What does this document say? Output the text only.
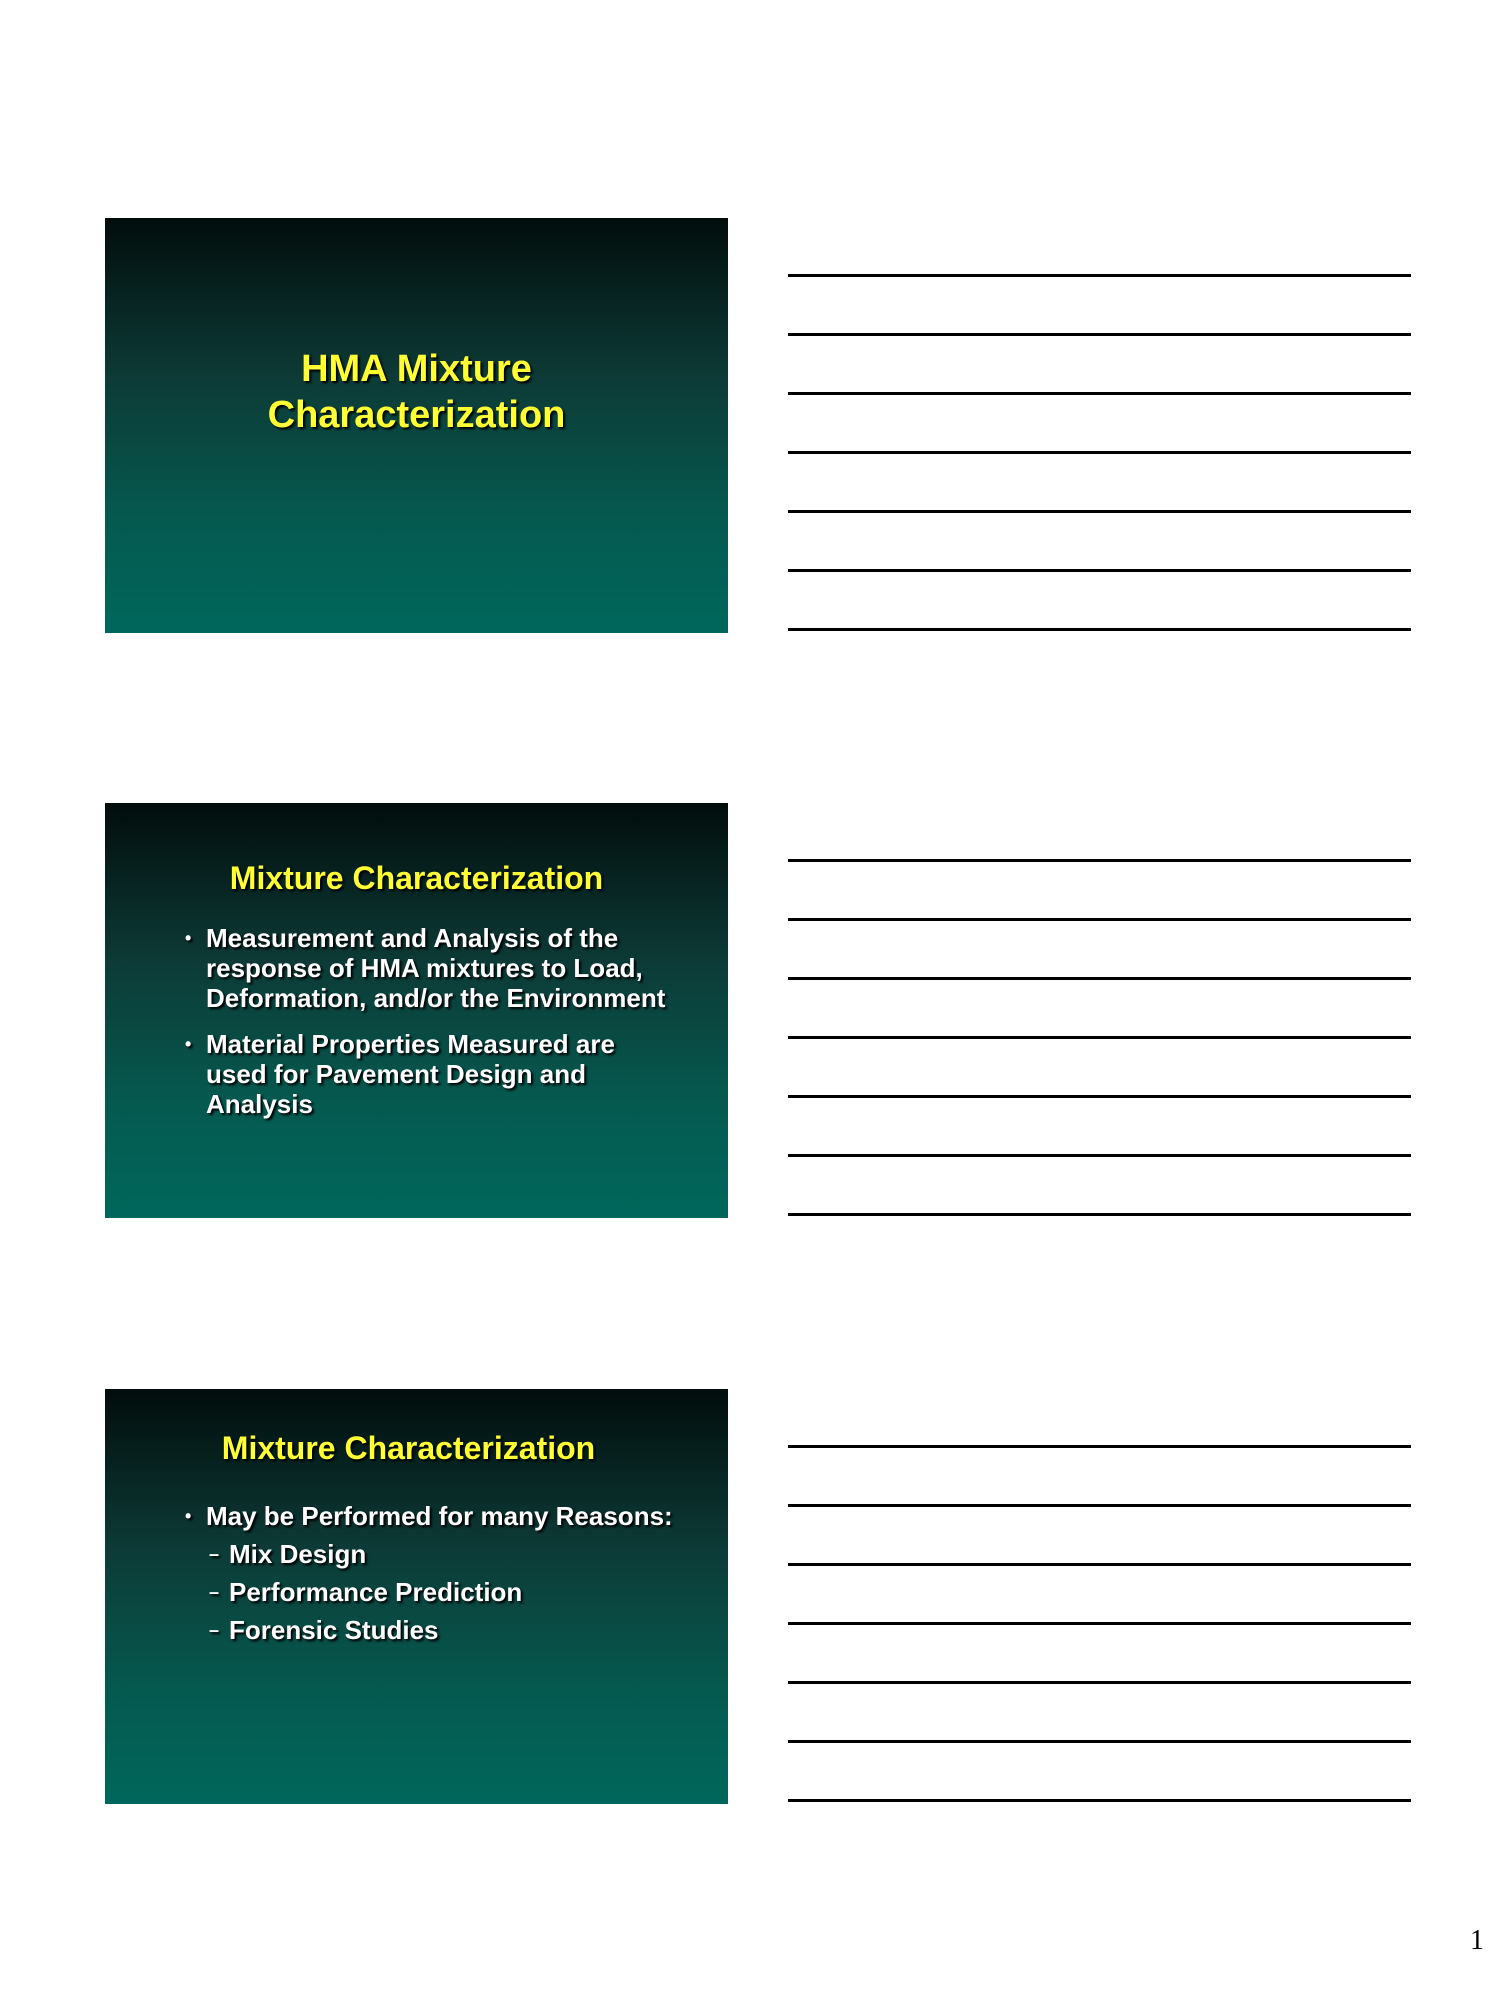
HMA Mixture
Characterization
Mixture Characterization
• Measurement and Analysis of the response of HMA mixtures to Load, Deformation, and/or the Environment
• Material Properties Measured are used for Pavement Design and Analysis
Mixture Characterization
• May be Performed for many Reasons:
– Mix Design
– Performance Prediction
– Forensic Studies
1
